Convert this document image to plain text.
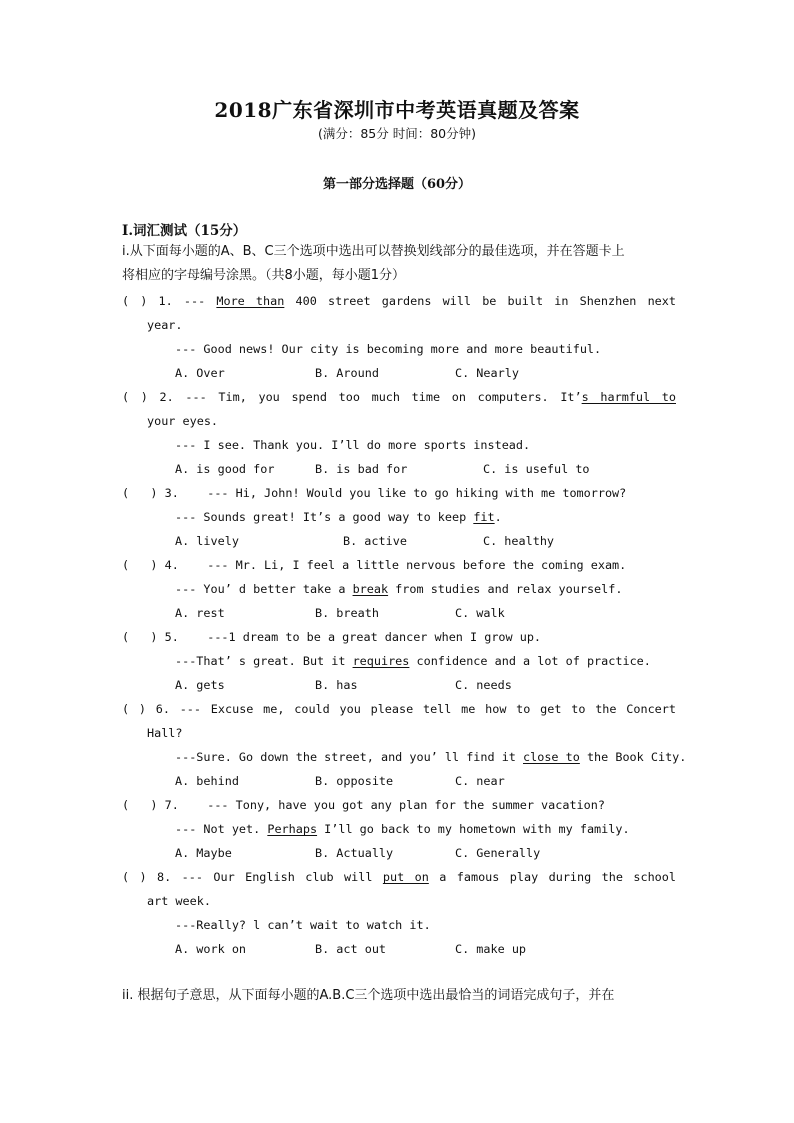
2018广东省深圳市中考英语真题及答案
(满分：85分 时间：80分钟)
第一部分选择题（60分）
I.词汇测试（15分）
i.从下面每小题的A、B、C三个选项中选出可以替换划线部分的最佳选项，并在答题卡上
将相应的字母编号涂黑。（共8小题，每小题1分）
( ) 1. --- More than 400 street gardens will be built in Shenzhen next
year.
--- Good news! Our city is becoming more and more beautiful.
A. Over	B. Around	C. Nearly
( ) 2. --- Tim, you spend too much time on computers. It’s harmful to
your eyes.
--- I see. Thank you. I’ll do more sports instead.
A. is good for	B. is bad for	C. is useful to
(   ) 3.    --- Hi, John! Would you like to go hiking with me tomorrow?
--- Sounds great! It’s a good way to keep fit.
A. lively	B. active	C. healthy
(   ) 4.    --- Mr. Li, I feel a little nervous before the coming exam.
--- You’ d better take a break from studies and relax yourself.
A. rest	B. breath	C. walk
(   ) 5.    ---1 dream to be a great dancer when I grow up.
---That’ s great. But it requires confidence and a lot of practice.
A. gets	B. has	C. needs
( ) 6. --- Excuse me, could you please tell me how to get to the Concert
Hall?
---Sure. Go down the street, and you’ ll find it close to the Book City.
A. behind	B. opposite	C. near
(   ) 7.    --- Tony, have you got any plan for the summer vacation?
--- Not yet. Perhaps I’ll go back to my hometown with my family.
A. Maybe	B. Actually	C. Generally
( ) 8. --- Our English club will put on a famous play during the school
art week.
---Really? l can’t wait to watch it.
A. work on	B. act out	C. make up
ii. 根据句子意思，从下面每小题的A.B.C三个选项中选出最恰当的词语完成句子，并在
